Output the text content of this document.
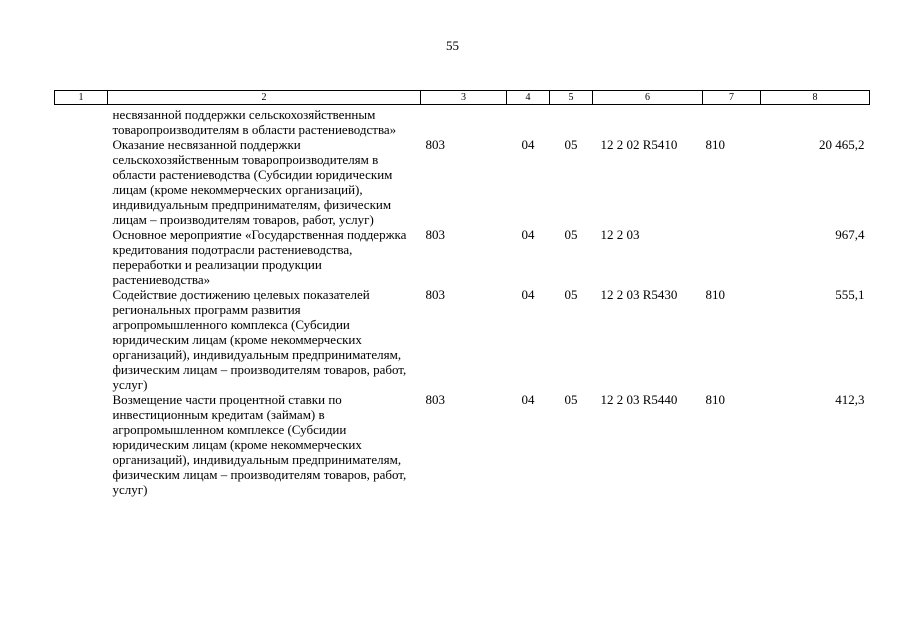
55
1	2	3	4	5	6	7	8
	несвязанной поддержки сельскохозяйственным товаропроизводителям в области растениеводства»						
	Оказание несвязанной поддержки сельскохозяйственным товаропроизводителям в области растениеводства (Субсидии юридическим лицам (кроме некоммерческих организаций), индивидуальным предпринимателям, физическим лицам – производителям товаров, работ, услуг)	803	04	05	12 2 02 R5410	810	20 465,2
	Основное мероприятие «Государственная поддержка кредитования подотрасли растениеводства, переработки и реализации продукции растениеводства»	803	04	05	12 2 03		967,4
	Содействие достижению целевых показателей региональных программ развития агропромышленного комплекса (Субсидии юридическим лицам (кроме некоммерческих организаций), индивидуальным предпринимателям, физическим лицам – производителям товаров, работ, услуг)	803	04	05	12 2 03 R5430	810	555,1
	Возмещение части процентной ставки по инвестиционным кредитам (займам) в агропромышленном комплексе (Субсидии юридическим лицам (кроме некоммерческих организаций), индивидуальным предпринимателям, физическим лицам – производителям товаров, работ, услуг)	803	04	05	12 2 03 R5440	810	412,3
